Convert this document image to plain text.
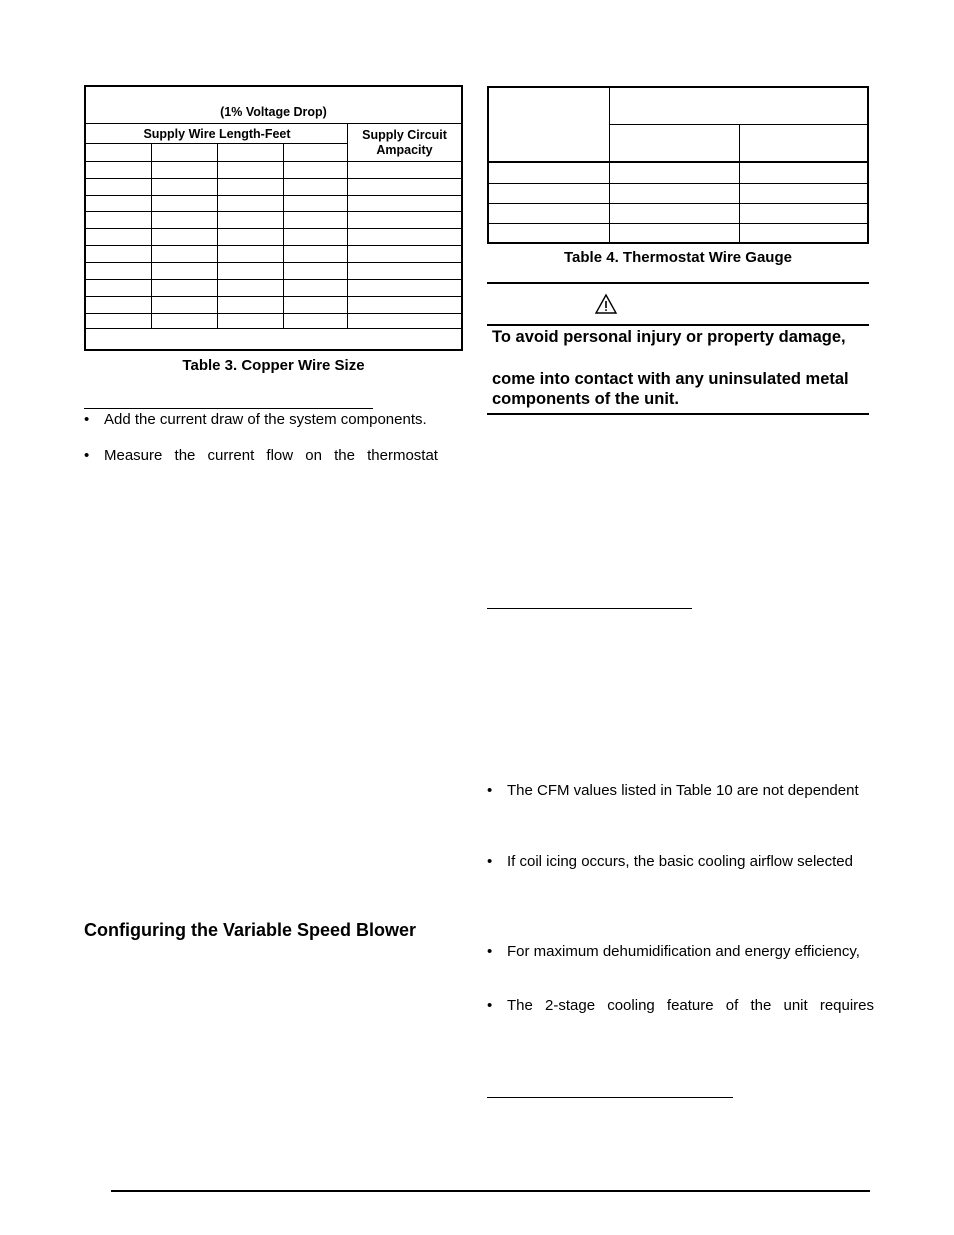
(1% Voltage Drop)
Supply Wire Length-Feet	Supply Circuit Ampacity
Table 3. Copper Wire Size
• Add the current draw of the system components.
• Measure the current flow on the thermostat
Configuring the Variable Speed Blower
Table 4. Thermostat Wire Gauge
To avoid personal injury or property damage,
come into contact with any uninsulated metal
components of the unit.
• The CFM values listed in Table 10 are not dependent
• If coil icing occurs, the basic cooling airflow selected
• For maximum dehumidification and energy efficiency,
• The 2-stage cooling feature of the unit requires
